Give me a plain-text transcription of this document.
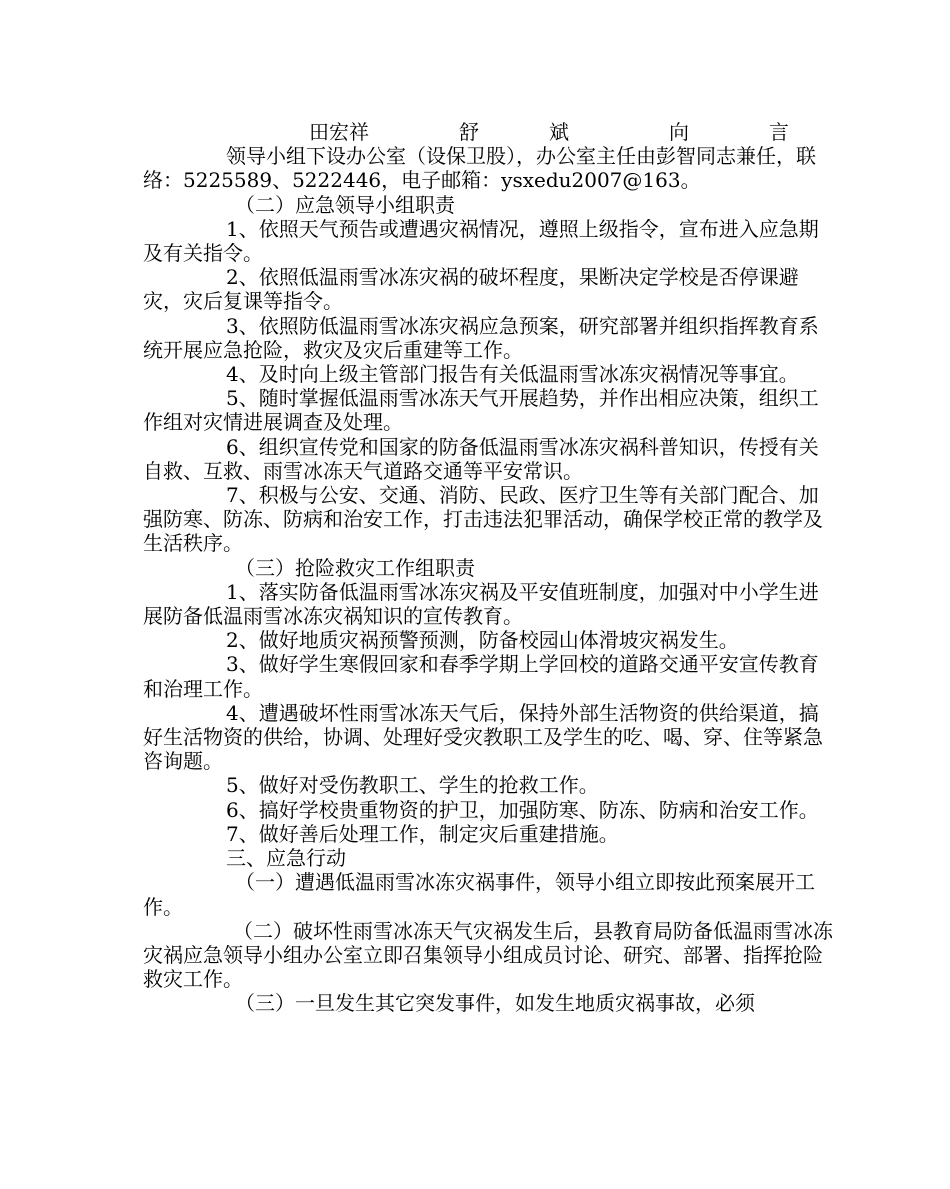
田宏祥	舒	斌	向	言

领导小组下设办公室（设保卫股），办公室主任由彭智同志兼任，联络：5225589、5222446，电子邮箱：ysxedu2007@163。

（二）应急领导小组职责

1、依照天气预告或遭遇灾祸情况，遵照上级指令，宣布进入应急期及有关指令。

2、依照低温雨雪冰冻灾祸的破坏程度，果断决定学校是否停课避灾，灾后复课等指令。

3、依照防低温雨雪冰冻灾祸应急预案，研究部署并组织指挥教育系统开展应急抢险，救灾及灾后重建等工作。

4、及时向上级主管部门报告有关低温雨雪冰冻灾祸情况等事宜。

5、随时掌握低温雨雪冰冻天气开展趋势，并作出相应决策，组织工作组对灾情进展调查及处理。

6、组织宣传党和国家的防备低温雨雪冰冻灾祸科普知识，传授有关自救、互救、雨雪冰冻天气道路交通等平安常识。

7、积极与公安、交通、消防、民政、医疗卫生等有关部门配合、加强防寒、防冻、防病和治安工作，打击违法犯罪活动，确保学校正常的教学及生活秩序。

（三）抢险救灾工作组职责

1、落实防备低温雨雪冰冻灾祸及平安值班制度，加强对中小学生进展防备低温雨雪冰冻灾祸知识的宣传教育。

2、做好地质灾祸预警预测，防备校园山体滑坡灾祸发生。

3、做好学生寒假回家和春季学期上学回校的道路交通平安宣传教育和治理工作。

4、遭遇破坏性雨雪冰冻天气后，保持外部生活物资的供给渠道，搞好生活物资的供给，协调、处理好受灾教职工及学生的吃、喝、穿、住等紧急咨询题。

5、做好对受伤教职工、学生的抢救工作。

6、搞好学校贵重物资的护卫，加强防寒、防冻、防病和治安工作。

7、做好善后处理工作，制定灾后重建措施。

三、应急行动

（一）遭遇低温雨雪冰冻灾祸事件，领导小组立即按此预案展开工作。

（二）破坏性雨雪冰冻天气灾祸发生后，县教育局防备低温雨雪冰冻灾祸应急领导小组办公室立即召集领导小组成员讨论、研究、部署、指挥抢险救灾工作。

（三）一旦发生其它突发事件，如发生地质灾祸事故，必须
